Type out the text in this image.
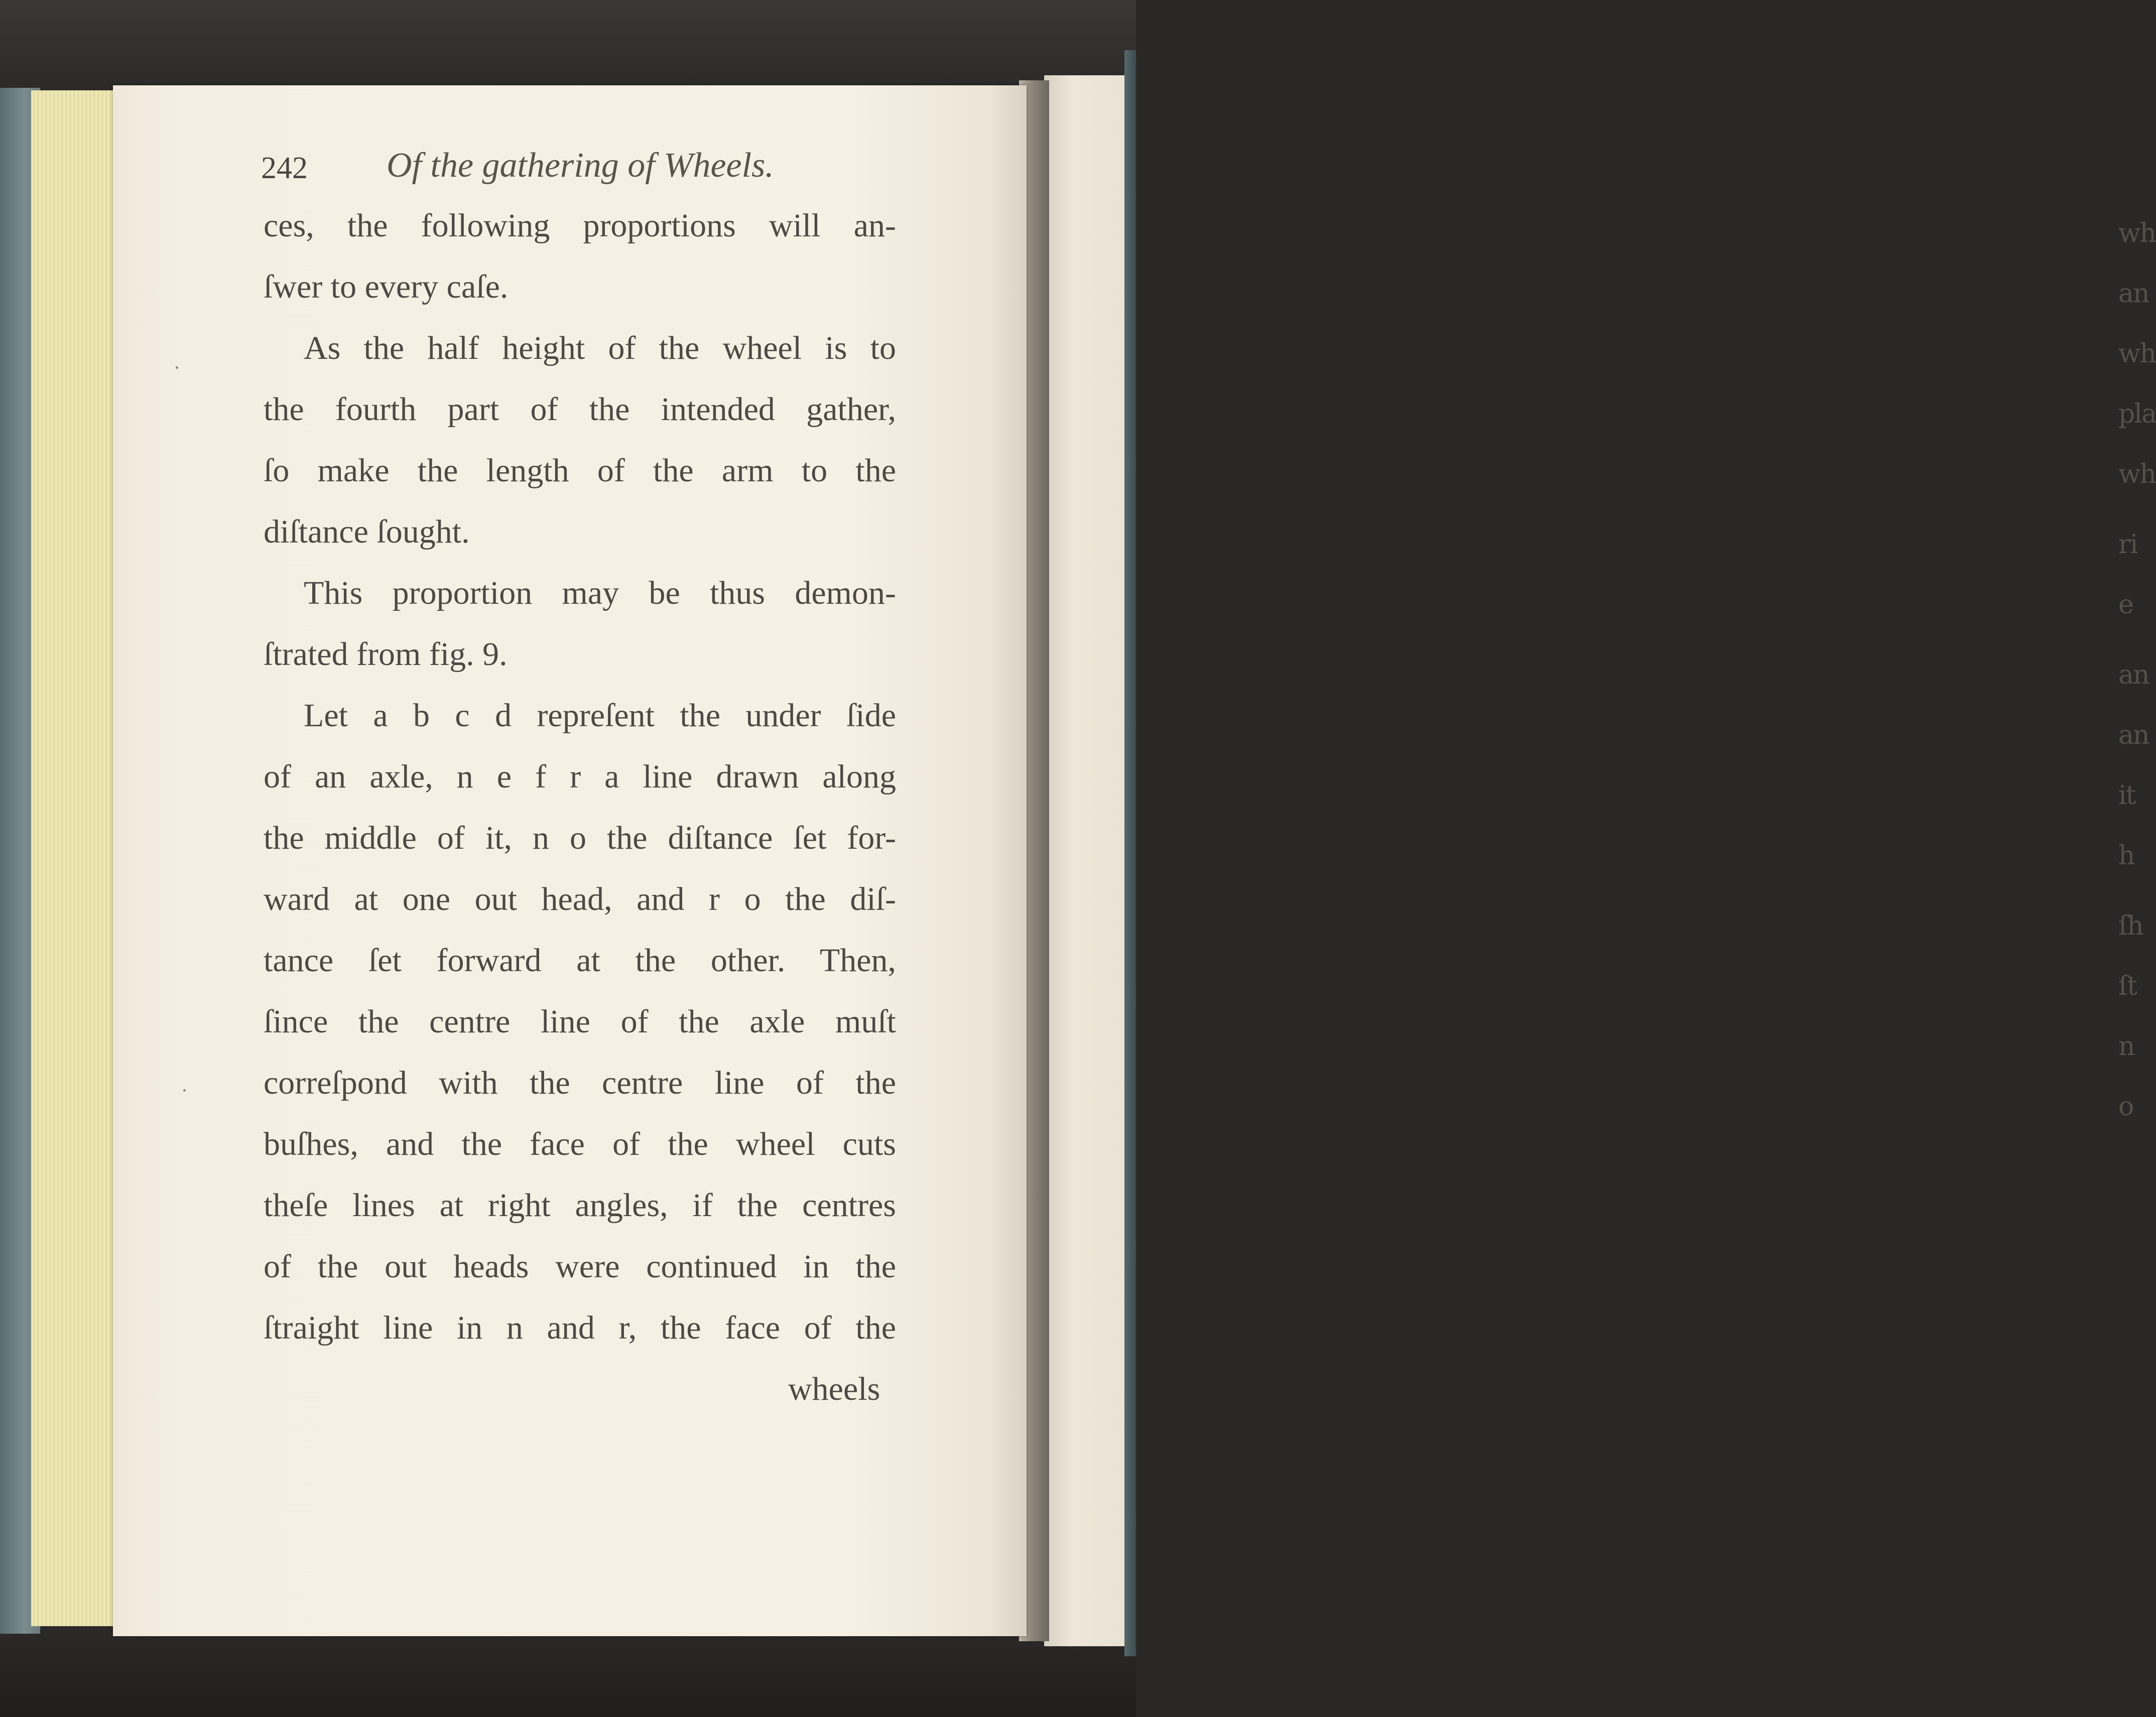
wh
an
wh
pla
wh
ri
e
an
an
it
h
ſh
ſt
n
o
242 Of the gathering of Wheels.
ces, the following proportions will an-
ſwer to every caſe.
As the half height of the wheel is to
the fourth part of the intended gather,
ſo make the length of the arm to the
diſtance ſought.
This proportion may be thus demon-
ſtrated from fig. 9.
Let a b c d repreſent the under ſide
of an axle, n e f r a line drawn along
the middle of it, n o the diſtance ſet for-
ward at one out head, and r o the diſ-
tance ſet forward at the other. Then,
ſince the centre line of the axle muſt
correſpond with the centre line of the
buſhes, and the face of the wheel cuts
theſe lines at right angles, if the centres
of the out heads were continued in the
ſtraight line in n and r, the face of the
wheels
